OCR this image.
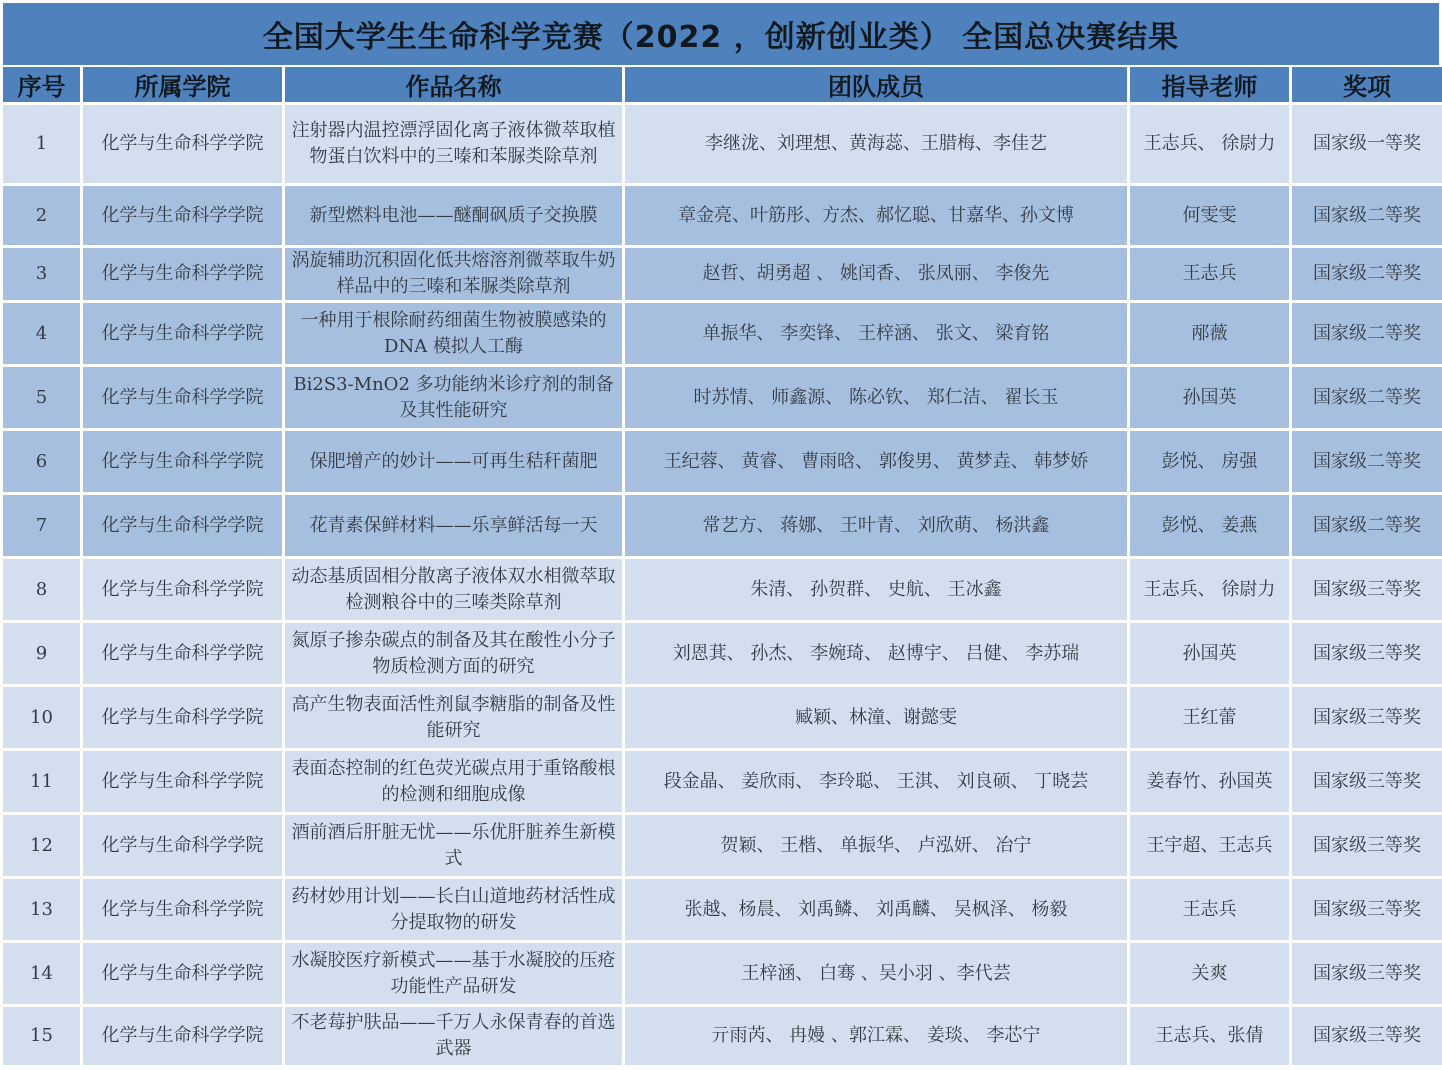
全国大学生生命科学竞赛（2022 ，创新创业类） 全国总决赛结果
序号	所属学院	作品名称	团队成员	指导老师	奖项
1	化学与生命科学学院	注射器内温控漂浮固化离子液体微萃取植物蛋白饮料中的三嗪和苯脲类除草剂	李继泷、刘理想、黄海蕊、王腊梅、李佳艺	王志兵、 徐尉力	国家级一等奖
2	化学与生命科学学院	新型燃料电池——醚酮砜质子交换膜	章金亮、叶筋彤、方杰、郝忆聪、甘嘉华、孙文博	何雯雯	国家级二等奖
3	化学与生命科学学院	涡旋辅助沉积固化低共熔溶剂微萃取牛奶样品中的三嗪和苯脲类除草剂	赵哲、胡勇超 、 姚闰香、 张凤丽、 李俊先	王志兵	国家级二等奖
4	化学与生命科学学院	一种用于根除耐药细菌生物被膜感染的 DNA 模拟人工酶	单振华、 李奕锋、 王梓涵、 张文、 梁育铭	邴薇	国家级二等奖
5	化学与生命科学学院	Bi2S3-MnO2 多功能纳米诊疗剂的制备及其性能研究	时苏情、 师鑫源、 陈必钦、 郑仁洁、 翟长玉	孙国英	国家级二等奖
6	化学与生命科学学院	保肥增产的妙计——可再生秸秆菌肥	王纪蓉、 黄睿、 曹雨晗、 郭俊男、 黄梦垚、 韩梦娇	彭悦、 房强	国家级二等奖
7	化学与生命科学学院	花青素保鲜材料——乐享鲜活每一天	常艺方、 蒋娜、 王叶青、 刘欣萌、 杨洪鑫	彭悦、 姜燕	国家级二等奖
8	化学与生命科学学院	动态基质固相分散离子液体双水相微萃取检测粮谷中的三嗪类除草剂	朱清、 孙贺群、 史航、 王冰鑫	王志兵、 徐尉力	国家级三等奖
9	化学与生命科学学院	氮原子掺杂碳点的制备及其在酸性小分子物质检测方面的研究	刘恩萁、 孙杰、 李婉琦、 赵博宇、 吕健、 李苏瑞	孙国英	国家级三等奖
10	化学与生命科学学院	高产生物表面活性剂鼠李糖脂的制备及性能研究	臧颖、林潼、谢懿雯	王红蕾	国家级三等奖
11	化学与生命科学学院	表面态控制的红色荧光碳点用于重铬酸根的检测和细胞成像	段金晶、 姜欣雨、 李玲聪、 王淇、 刘良硕、 丁晓芸	姜春竹、孙国英	国家级三等奖
12	化学与生命科学学院	酒前酒后肝脏无忧——乐优肝脏养生新模式	贺颖、 王楷、 单振华、 卢泓妍、 冶宁	王宇超、王志兵	国家级三等奖
13	化学与生命科学学院	药材妙用计划——长白山道地药材活性成分提取物的研发	张越、杨晨、 刘禹鳞、 刘禹麟、 吴枫泽、 杨毅	王志兵	国家级三等奖
14	化学与生命科学学院	水凝胶医疗新模式——基于水凝胶的压疮功能性产品研发	王梓涵、 白骞 、吴小羽 、李代芸	关爽	国家级三等奖
15	化学与生命科学学院	不老莓护肤品——千万人永保青春的首选武器	亓雨芮、 冉嫚 、郭江霖、 姜琰、 李芯宁	王志兵、张倩	国家级三等奖
